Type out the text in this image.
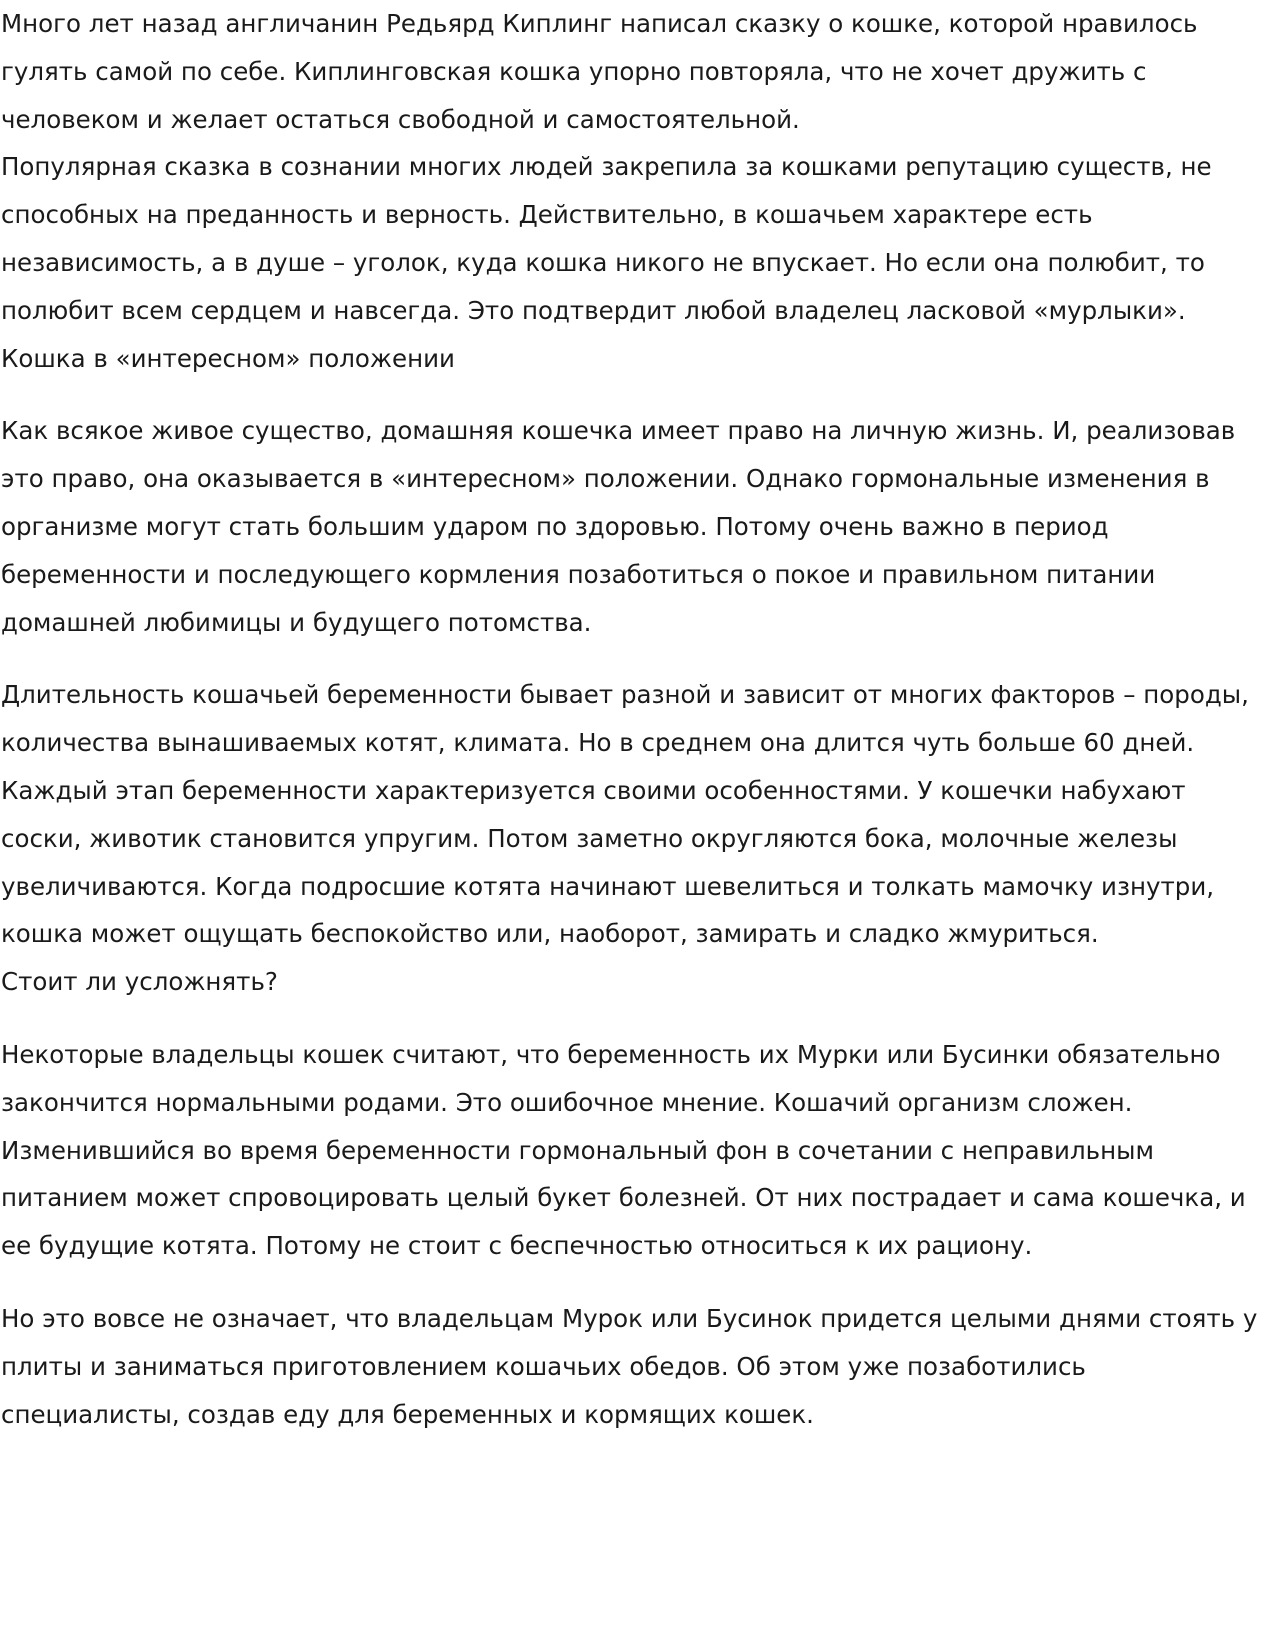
Много лет назад англичанин Редьярд Киплинг написал сказку о кошке, которой нравилось гулять самой по себе. Киплинговская кошка упорно повторяла, что не хочет дружить с человеком и желает остаться свободной и самостоятельной.

Популярная сказка в сознании многих людей закрепила за кошками репутацию существ, не способных на преданность и верность. Действительно, в кошачьем характере есть независимость, а в душе – уголок, куда кошка никого не впускает. Но если она полюбит, то полюбит всем сердцем и навсегда. Это подтвердит любой владелец ласковой «мурлыки».

Кошка в «интересном» положении

Как всякое живое существо, домашняя кошечка имеет право на личную жизнь. И, реализовав это право, она оказывается в «интересном» положении. Однако гормональные изменения в организме могут стать большим ударом по здоровью. Потому очень важно в период беременности и последующего кормления позаботиться о покое и правильном питании домашней любимицы и будущего потомства.

Длительность кошачьей беременности бывает разной и зависит от многих факторов – породы, количества вынашиваемых котят, климата. Но в среднем она длится чуть больше 60 дней. Каждый этап беременности характеризуется своими особенностями. У кошечки набухают соски, животик становится упругим. Потом заметно округляются бока, молочные железы увеличиваются. Когда подросшие котята начинают шевелиться и толкать мамочку изнутри, кошка может ощущать беспокойство или, наоборот, замирать и сладко жмуриться.

Стоит ли усложнять?

Некоторые владельцы кошек считают, что беременность их Мурки или Бусинки обязательно закончится нормальными родами. Это ошибочное мнение. Кошачий организм сложен. Изменившийся во время беременности гормональный фон в сочетании с неправильным питанием может спровоцировать целый букет болезней. От них пострадает и сама кошечка, и ее будущие котята. Потому не стоит с беспечностью относиться к их рациону.

Но это вовсе не означает, что владельцам Мурок или Бусинок придется целыми днями стоять у плиты и заниматься приготовлением кошачьих обедов. Об этом уже позаботились специалисты, создав еду для беременных и кормящих кошек.
